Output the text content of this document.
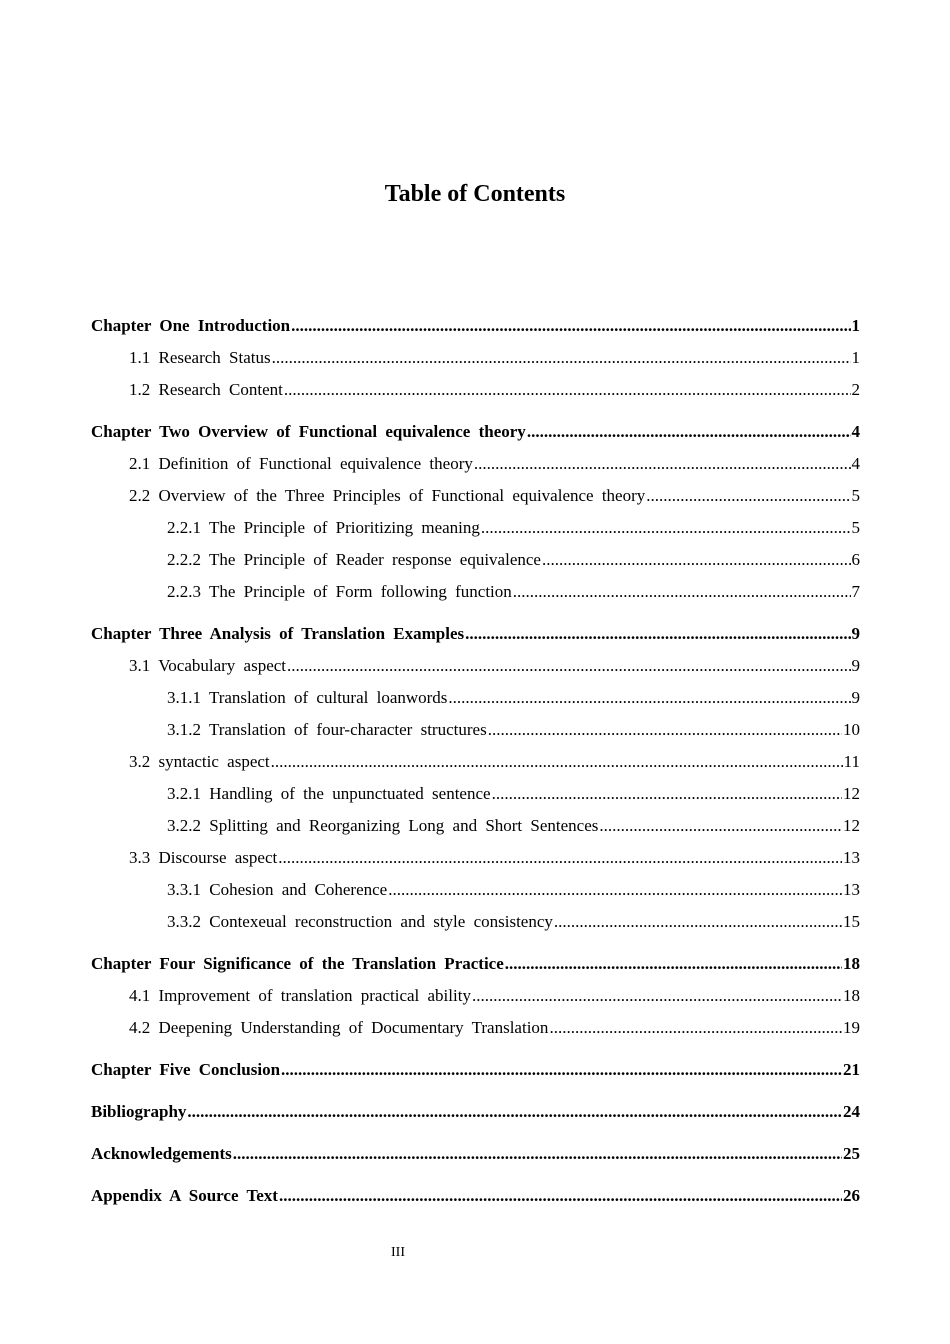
Table of Contents
Chapter One Introduction .....	1
1.1 Research Status .....	1
1.2 Research Content .....	2
Chapter Two Overview of Functional equivalence theory .....	4
2.1 Definition of Functional equivalence theory .....	4
2.2 Overview of the Three Principles of Functional equivalence theory .....	5
2.2.1 The Principle of Prioritizing meaning .....	5
2.2.2 The Principle of Reader response equivalence .....	6
2.2.3 The Principle of Form following function .....	7
Chapter Three Analysis of Translation Examples .....	9
3.1 Vocabulary aspect .....	9
3.1.1 Translation of cultural loanwords .....	9
3.1.2 Translation of four-character structures .....	10
3.2 syntactic aspect .....	11
3.2.1 Handling of the unpunctuated sentence .....	12
3.2.2 Splitting and Reorganizing Long and Short Sentences .....	12
3.3 Discourse aspect .....	13
3.3.1 Cohesion and Coherence .....	13
3.3.2 Contexeual reconstruction and style consistency .....	15
Chapter Four Significance of the Translation Practice .....	18
4.1 Improvement of translation practical ability .....	18
4.2 Deepening Understanding of Documentary Translation .....	19
Chapter Five Conclusion .....	21
Bibliography .....	24
Acknowledgements .....	25
Appendix A Source Text .....	26
III
